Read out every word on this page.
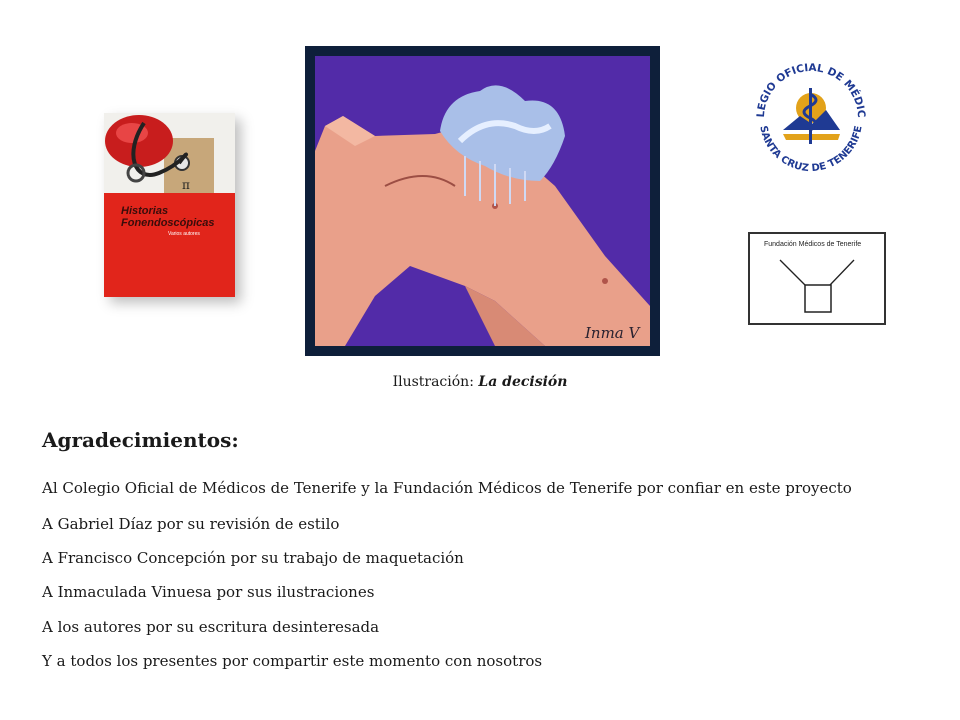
π
Historias Fonendoscópicas
Varios autores
Inma V
Ilustración: La decisión
LEGIO OFICIAL DE MÉDIC
SANTA CRUZ DE TENERIFE
Fundación Médicos de Tenerife
Agradecimientos:
Al Colegio Oficial de Médicos de Tenerife y la Fundación Médicos de Tenerife por confiar en este proyecto
A Gabriel Díaz por su revisión de estilo
A Francisco Concepción por su trabajo de maquetación
A Inmaculada Vinuesa por sus ilustraciones
A los autores por su escritura desinteresada
Y a todos los presentes por compartir este momento con nosotros
